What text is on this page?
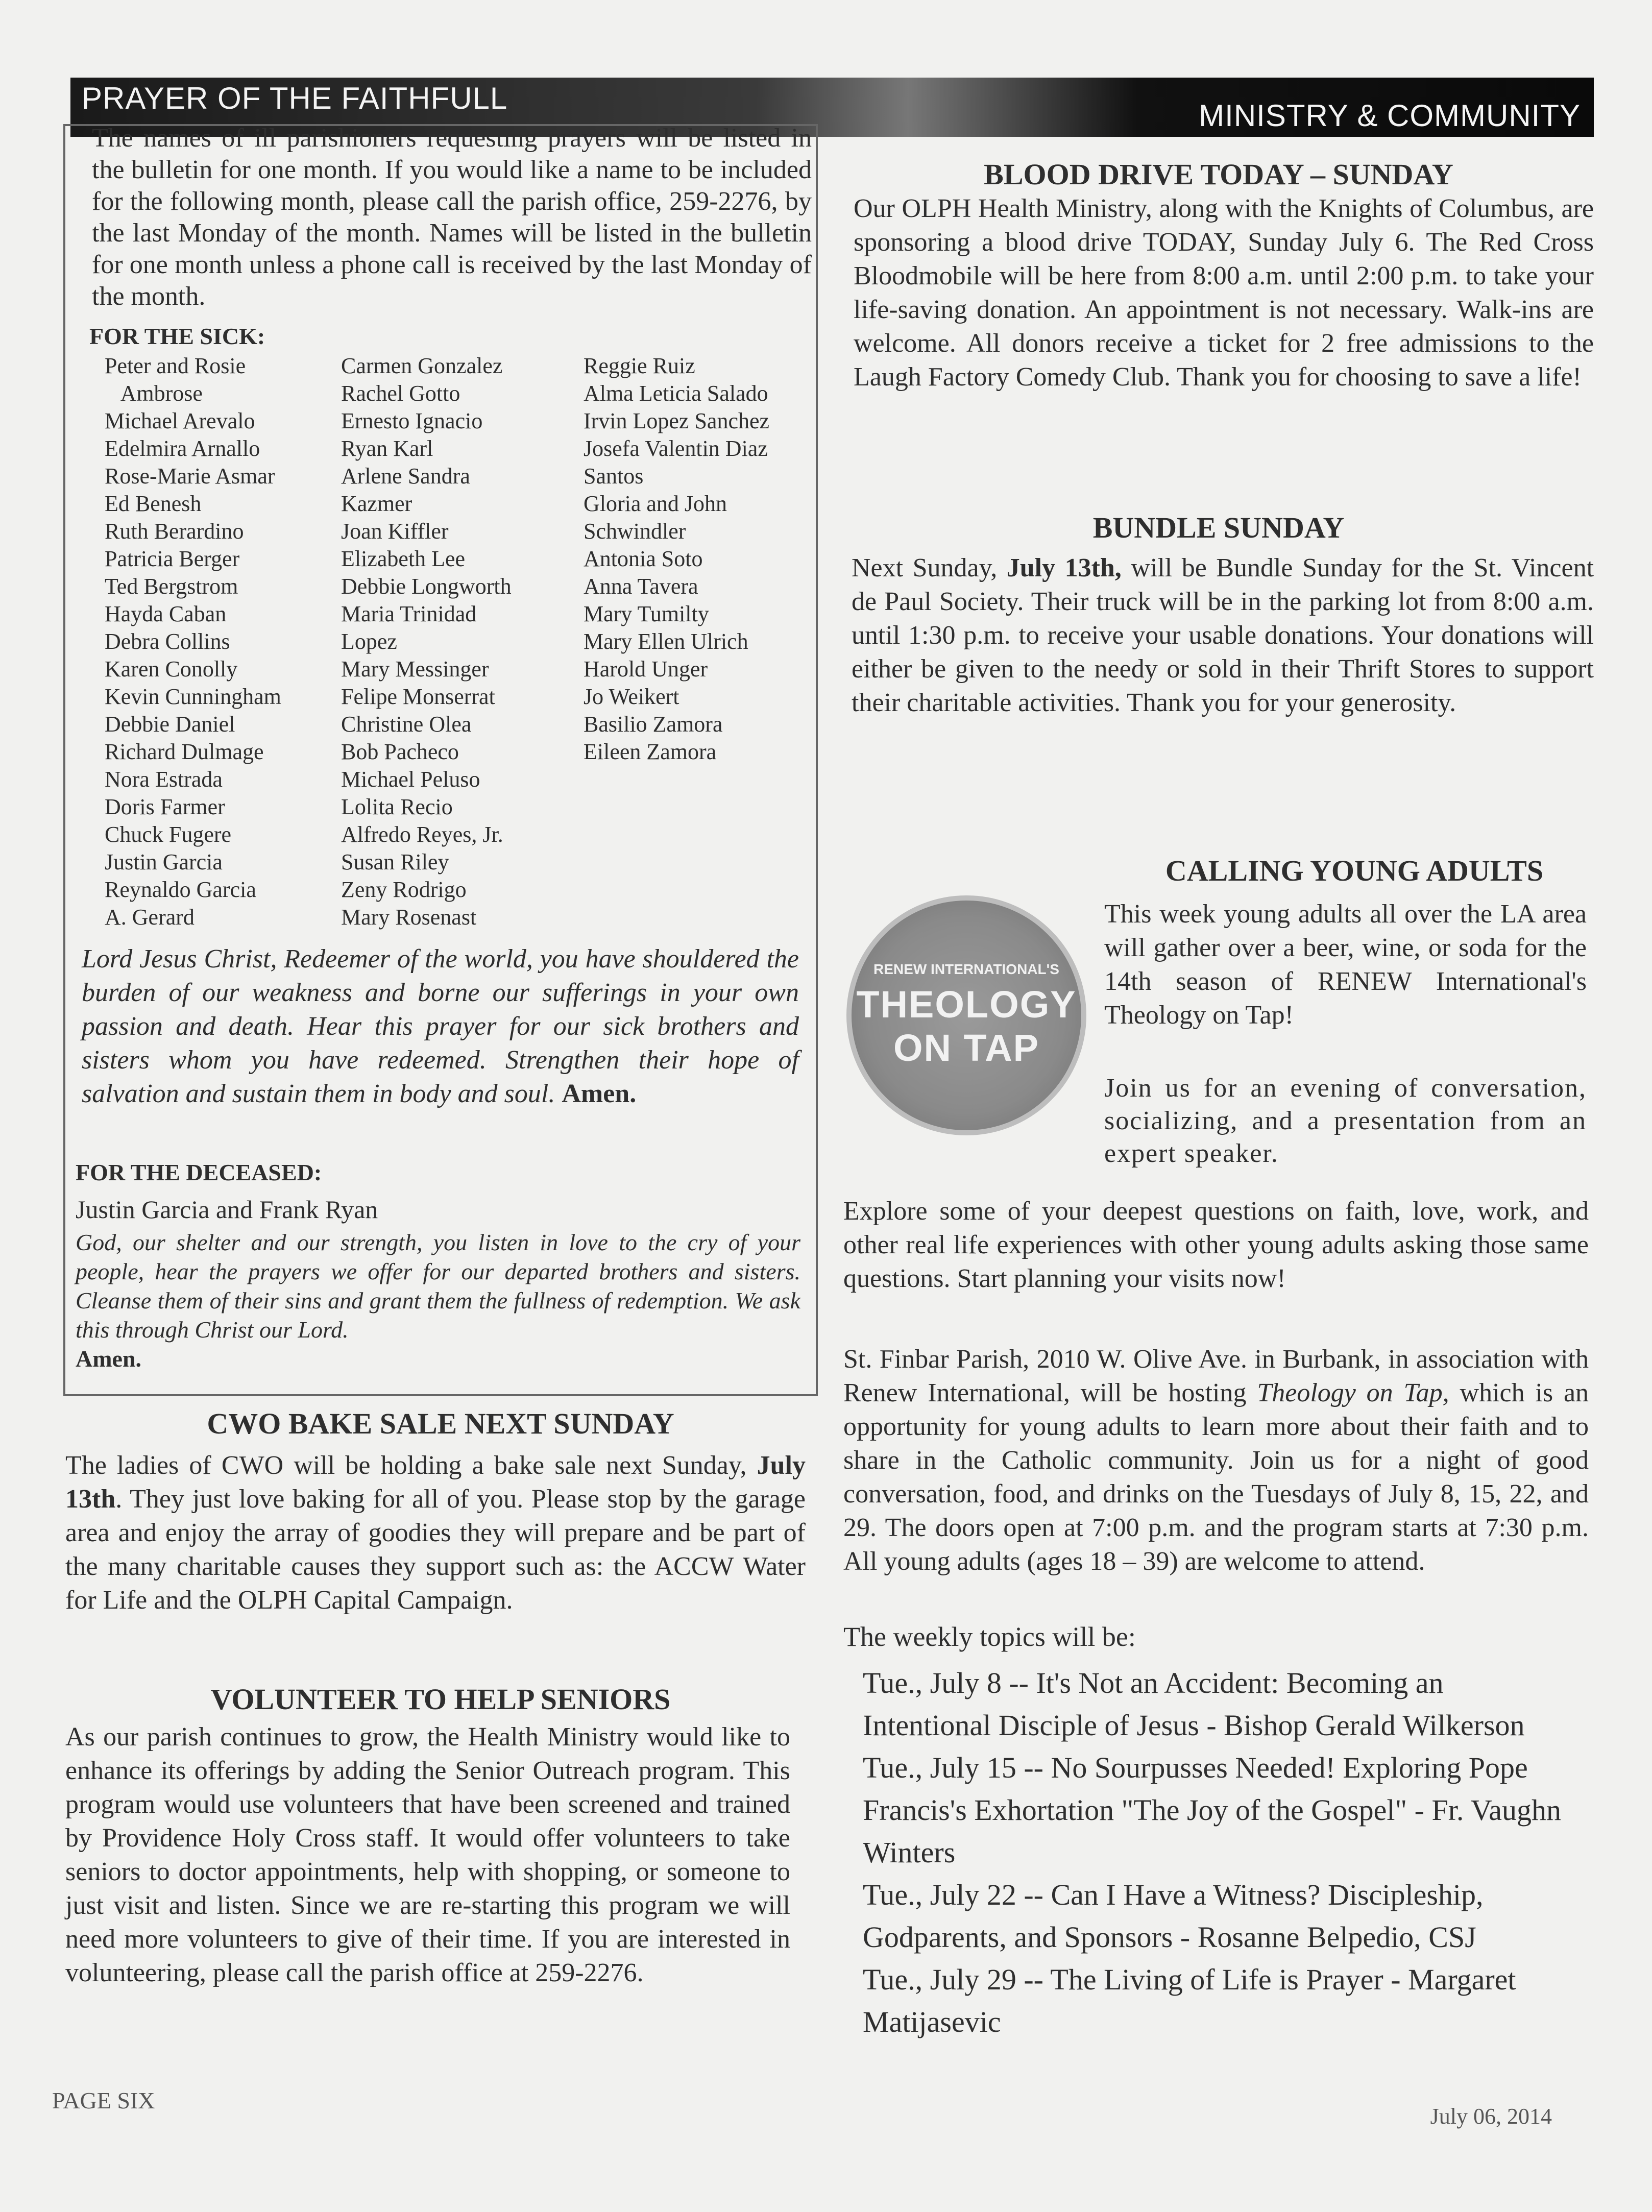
PRAYER OF THE FAITHFULL
MINISTRY & COMMUNITY
The names of ill parishioners requesting prayers will be listed in the bulletin for one month. If you would like a name to be included for the following month, please call the parish office, 259-2276, by the last Monday of the month. Names will be listed in the bulletin for one month unless a phone call is received by the last Monday of the month.
FOR THE SICK:
Peter and Rosie
Ambrose
Michael Arevalo
Edelmira Arnallo
Rose-Marie Asmar
Ed Benesh
Ruth Berardino
Patricia Berger
Ted Bergstrom
Hayda Caban
Debra Collins
Karen Conolly
Kevin Cunningham
Debbie Daniel
Richard Dulmage
Nora Estrada
Doris Farmer
Chuck Fugere
Justin Garcia
Reynaldo Garcia
A. Gerard
Carmen Gonzalez
Rachel Gotto
Ernesto Ignacio
Ryan Karl
Arlene Sandra
Kazmer
Joan Kiffler
Elizabeth Lee
Debbie Longworth
Maria Trinidad
Lopez
Mary Messinger
Felipe Monserrat
Christine Olea
Bob Pacheco
Michael Peluso
Lolita Recio
Alfredo Reyes, Jr.
Susan Riley
Zeny Rodrigo
Mary Rosenast
Reggie Ruiz
Alma Leticia Salado
Irvin Lopez Sanchez
Josefa Valentin Diaz
Santos
Gloria and John
Schwindler
Antonia Soto
Anna Tavera
Mary Tumilty
Mary Ellen Ulrich
Harold Unger
Jo Weikert
Basilio Zamora
Eileen Zamora
Lord Jesus Christ, Redeemer of the world, you have shouldered the burden of our weakness and borne our sufferings in your own passion and death. Hear this prayer for our sick brothers and sisters whom you have redeemed. Strengthen their hope of salvation and sustain them in body and soul. Amen.
FOR THE DECEASED:
Justin Garcia and Frank Ryan
God, our shelter and our strength, you listen in love to the cry of your people, hear the prayers we offer for our departed brothers and sisters. Cleanse them of their sins and grant them the fullness of redemption. We ask this through Christ our Lord.
Amen.
CWO BAKE SALE NEXT SUNDAY
The ladies of CWO will be holding a bake sale next Sunday, July 13th. They just love baking for all of you. Please stop by the garage area and enjoy the array of goodies they will prepare and be part of the many charitable causes they support such as: the ACCW Water for Life and the OLPH Capital Campaign.
VOLUNTEER TO HELP SENIORS
As our parish continues to grow, the Health Ministry would like to enhance its offerings by adding the Senior Outreach program. This program would use volunteers that have been screened and trained by Providence Holy Cross staff. It would offer volunteers to take seniors to doctor appointments, help with shopping, or someone to just visit and listen. Since we are re-starting this program we will need more volunteers to give of their time. If you are interested in volunteering, please call the parish office at 259-2276.
BLOOD DRIVE TODAY – SUNDAY
Our OLPH Health Ministry, along with the Knights of Columbus, are sponsoring a blood drive TODAY, Sunday July 6. The Red Cross Bloodmobile will be here from 8:00 a.m. until 2:00 p.m. to take your life-saving donation. An appointment is not necessary. Walk-ins are welcome. All donors receive a ticket for 2 free admissions to the Laugh Factory Comedy Club. Thank you for choosing to save a life!
BUNDLE SUNDAY
Next Sunday, July 13th, will be Bundle Sunday for the St. Vincent de Paul Society. Their truck will be in the parking lot from 8:00 a.m. until 1:30 p.m. to receive your usable donations. Your donations will either be given to the needy or sold in their Thrift Stores to support their charitable activities. Thank you for your generosity.
CALLING YOUNG ADULTS
RENEW INTERNATIONAL'S
THEOLOGY
ON TAP
This week young adults all over the LA area will gather over a beer, wine, or soda for the 14th season of RENEW International's Theology on Tap!
Join us for an evening of conversation, socializing, and a presentation from an expert speaker.
Explore some of your deepest questions on faith, love, work, and other real life experiences with other young adults asking those same questions. Start planning your visits now!
St. Finbar Parish, 2010 W. Olive Ave. in Burbank, in association with Renew International, will be hosting Theology on Tap, which is an opportunity for young adults to learn more about their faith and to share in the Catholic community. Join us for a night of good conversation, food, and drinks on the Tuesdays of July 8, 15, 22, and 29. The doors open at 7:00 p.m. and the program starts at 7:30 p.m. All young adults (ages 18 – 39) are welcome to attend.
The weekly topics will be:
Tue., July 8 -- It's Not an Accident: Becoming an Intentional Disciple of Jesus - Bishop Gerald Wilkerson
Tue., July 15 -- No Sourpusses Needed! Exploring Pope Francis's Exhortation "The Joy of the Gospel" - Fr. Vaughn Winters
Tue., July 22 -- Can I Have a Witness? Discipleship, Godparents, and Sponsors - Rosanne Belpedio, CSJ
Tue., July 29 -- The Living of Life is Prayer - Margaret Matijasevic
PAGE SIX
July 06, 2014
